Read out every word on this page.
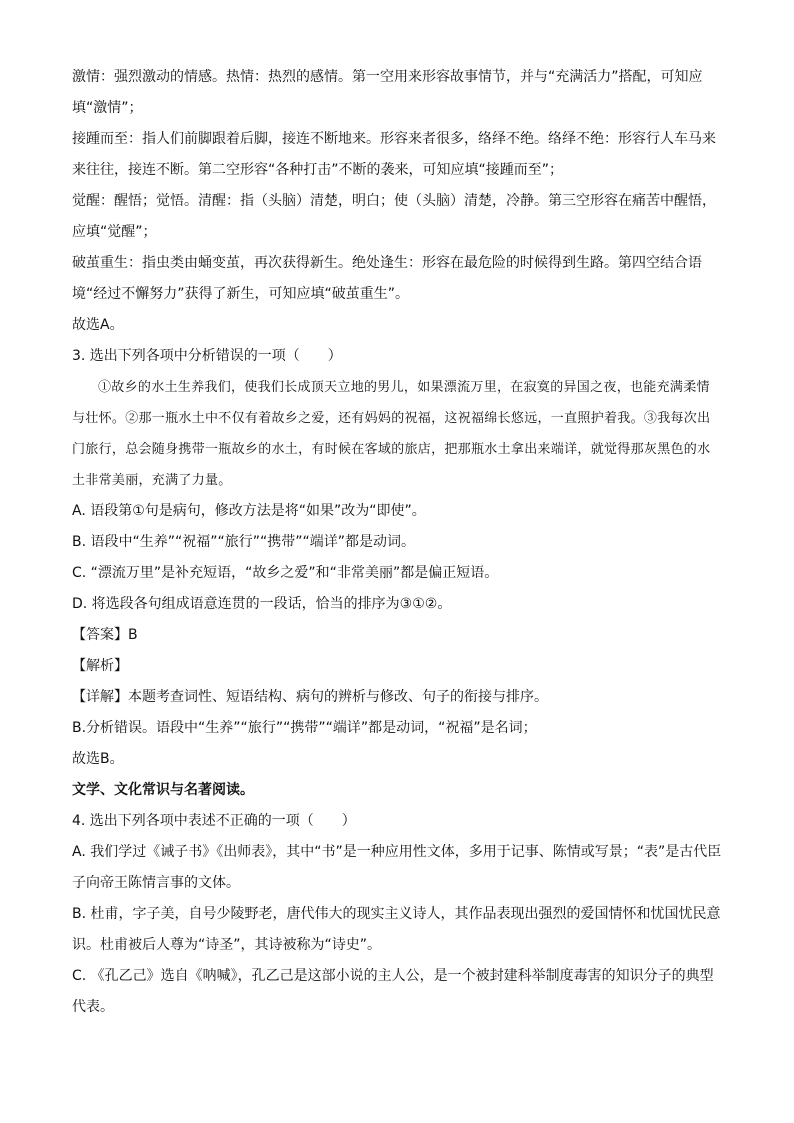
激情：强烈激动的情感。热情：热烈的感情。第一空用来形容故事情节，并与“充满活力”搭配，可知应填“激情”；

接踵而至：指人们前脚跟着后脚，接连不断地来。形容来者很多，络绎不绝。络绎不绝：形容行人车马来来往往，接连不断。第二空形容“各种打击”不断的袭来，可知应填“接踵而至”；

觉醒：醒悟；觉悟。清醒：指（头脑）清楚，明白；使（头脑）清楚，冷静。第三空形容在痛苦中醒悟，应填“觉醒”；

破茧重生：指虫类由蛹变茧，再次获得新生。绝处逢生：形容在最危险的时候得到生路。第四空结合语境“经过不懈努力”获得了新生，可知应填“破茧重生”。

故选A。

3. 选出下列各项中分析错误的一项（　　）

①故乡的水土生养我们，使我们长成顶天立地的男儿，如果漂流万里，在寂寞的异国之夜，也能充满柔情与壮怀。②那一瓶水土中不仅有着故乡之爱，还有妈妈的祝福，这祝福绵长悠远，一直照护着我。③我每次出门旅行，总会随身携带一瓶故乡的水土，有时候在客域的旅店，把那瓶水土拿出来端详，就觉得那灰黑色的水土非常美丽，充满了力量。

A. 语段第①句是病句，修改方法是将“如果”改为“即使”。

B. 语段中“生养”“祝福”“旅行”“携带”“端详”都是动词。

C. “漂流万里”是补充短语，“故乡之爱”和“非常美丽”都是偏正短语。

D. 将选段各句组成语意连贯的一段话，恰当的排序为③①②。

【答案】B

【解析】

【详解】本题考查词性、短语结构、病句的辨析与修改、句子的衔接与排序。

B.分析错误。语段中“生养”“旅行”“携带”“端详”都是动词，“祝福”是名词；

故选B。

文学、文化常识与名著阅读。

4. 选出下列各项中表述不正确的一项（　　）

A. 我们学过《诫子书》《出师表》，其中“书”是一种应用性文体，多用于记事、陈情或写景；“表”是古代臣子向帝王陈情言事的文体。

B. 杜甫，字子美，自号少陵野老，唐代伟大的现实主义诗人，其作品表现出强烈的爱国情怀和忧国忧民意识。杜甫被后人尊为“诗圣”，其诗被称为“诗史”。

C. 《孔乙己》选自《呐喊》，孔乙己是这部小说的主人公，是一个被封建科举制度毒害的知识分子的典型代表。
